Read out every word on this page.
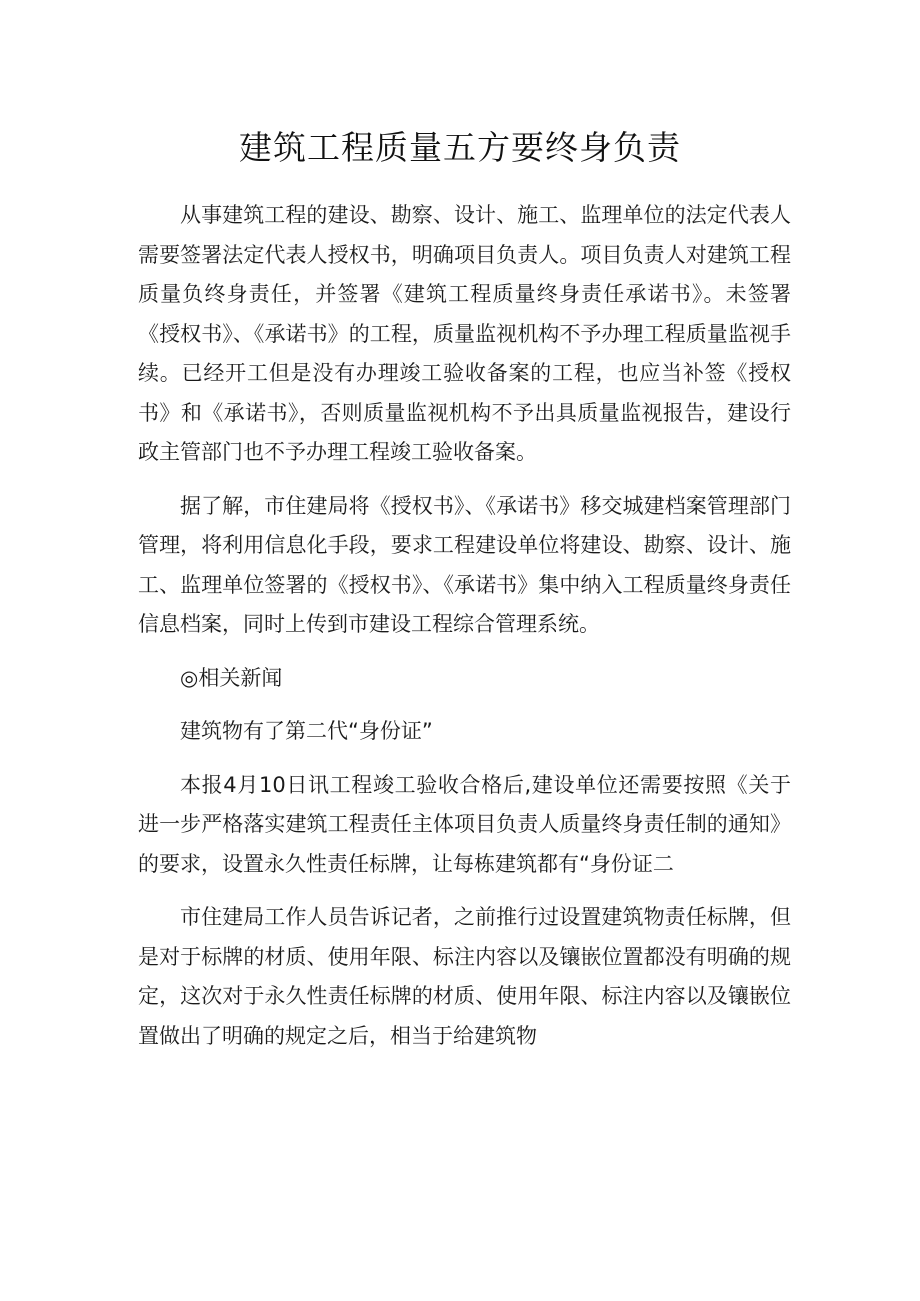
建筑工程质量五方要终身负责

从事建筑工程的建设、勘察、设计、施工、监理单位的法定代表人需要签署法定代表人授权书，明确项目负责人。项目负责人对建筑工程质量负终身责任，并签署《建筑工程质量终身责任承诺书》。未签署《授权书》、《承诺书》的工程，质量监视机构不予办理工程质量监视手续。已经开工但是没有办理竣工验收备案的工程，也应当补签《授权书》和《承诺书》，否则质量监视机构不予出具质量监视报告，建设行政主管部门也不予办理工程竣工验收备案。

据了解，市住建局将《授权书》、《承诺书》移交城建档案管理部门管理，将利用信息化手段，要求工程建设单位将建设、勘察、设计、施工、监理单位签署的《授权书》、《承诺书》集中纳入工程质量终身责任信息档案，同时上传到市建设工程综合管理系统。

◎相关新闻

建筑物有了第二代“身份证”

本报4月10日讯工程竣工验收合格后,建设单位还需要按照《关于进一步严格落实建筑工程责任主体项目负责人质量终身责任制的通知》的要求，设置永久性责任标牌，让每栋建筑都有“身份证二

市住建局工作人员告诉记者，之前推行过设置建筑物责任标牌，但是对于标牌的材质、使用年限、标注内容以及镶嵌位置都没有明确的规定，这次对于永久性责任标牌的材质、使用年限、标注内容以及镶嵌位置做出了明确的规定之后，相当于给建筑物
